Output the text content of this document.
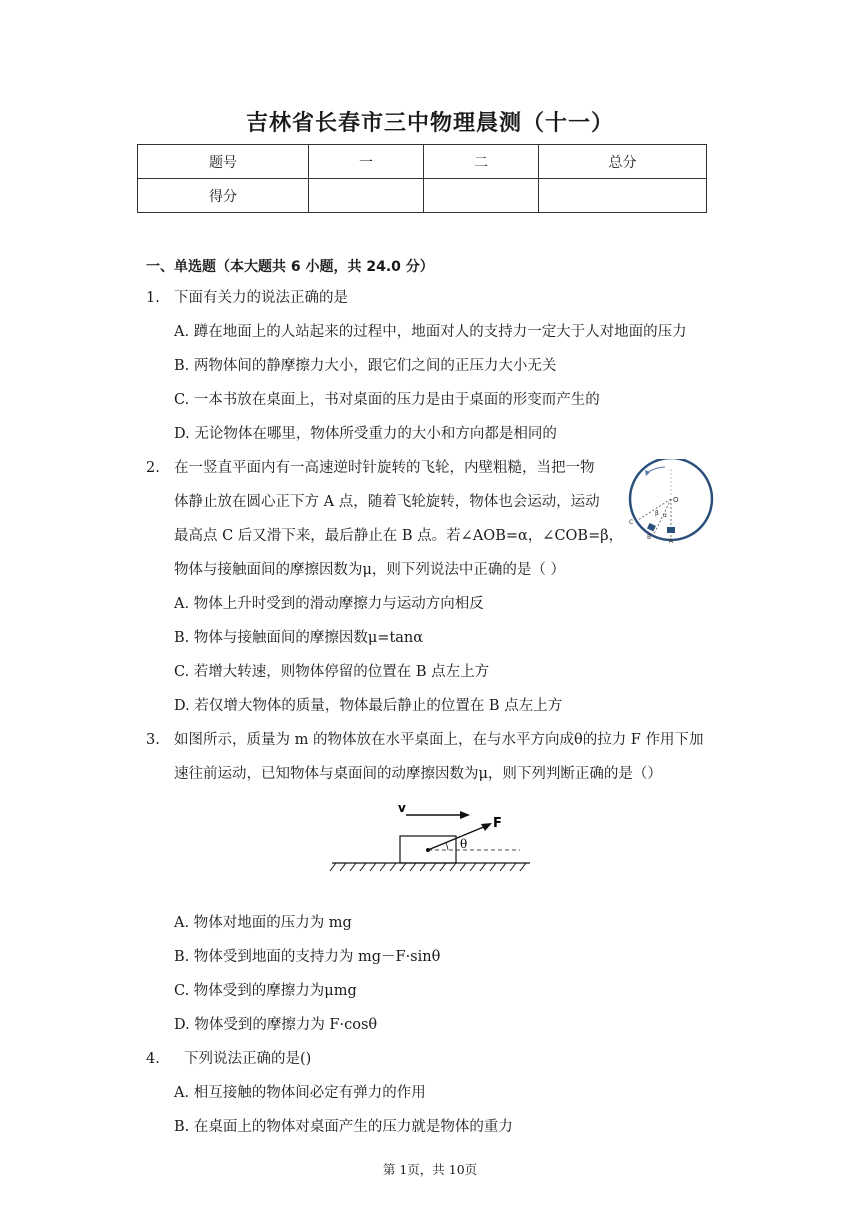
吉林省长春市三中物理晨测（十一）
题号	一	二	总分
得分			
一、单选题（本大题共 6 小题，共 24.0 分）
1. 下面有关力的说法正确的是
A. 蹲在地面上的人站起来的过程中，地面对人的支持力一定大于人对地面的压力
B. 两物体间的静摩擦力大小，跟它们之间的正压力大小无关
C. 一本书放在桌面上，书对桌面的压力是由于桌面的形变而产生的
D. 无论物体在哪里，物体所受重力的大小和方向都是相同的
2. 在一竖直平面内有一高速逆时针旋转的飞轮，内壁粗糙，当把一物
体静止放在圆心正下方 A 点，随着飞轮旋转，物体也会运动，运动
最高点 C 后又滑下来，最后静止在 B 点。若∠AOB=α，∠COB=β，
物体与接触面间的摩擦因数为μ，则下列说法中正确的是（ ）
O
A
B
C
β α
A. 物体上升时受到的滑动摩擦力与运动方向相反
B. 物体与接触面间的摩擦因数μ=tanα
C. 若增大转速，则物体停留的位置在 B 点左上方
D. 若仅增大物体的质量，物体最后静止的位置在 B 点左上方
3. 如图所示，质量为 m 的物体放在水平桌面上，在与水平方向成θ的拉力 F 作用下加
速往前运动，已知物体与桌面间的动摩擦因数为μ，则下列判断正确的是（）
v
F
θ
A. 物体对地面的压力为 mg
B. 物体受到地面的支持力为 mg－F·sinθ
C. 物体受到的摩擦力为μmg
D. 物体受到的摩擦力为 F·cosθ
4. 下列说法正确的是()
A. 相互接触的物体间必定有弹力的作用
B. 在桌面上的物体对桌面产生的压力就是物体的重力
第 1页，共 10页
